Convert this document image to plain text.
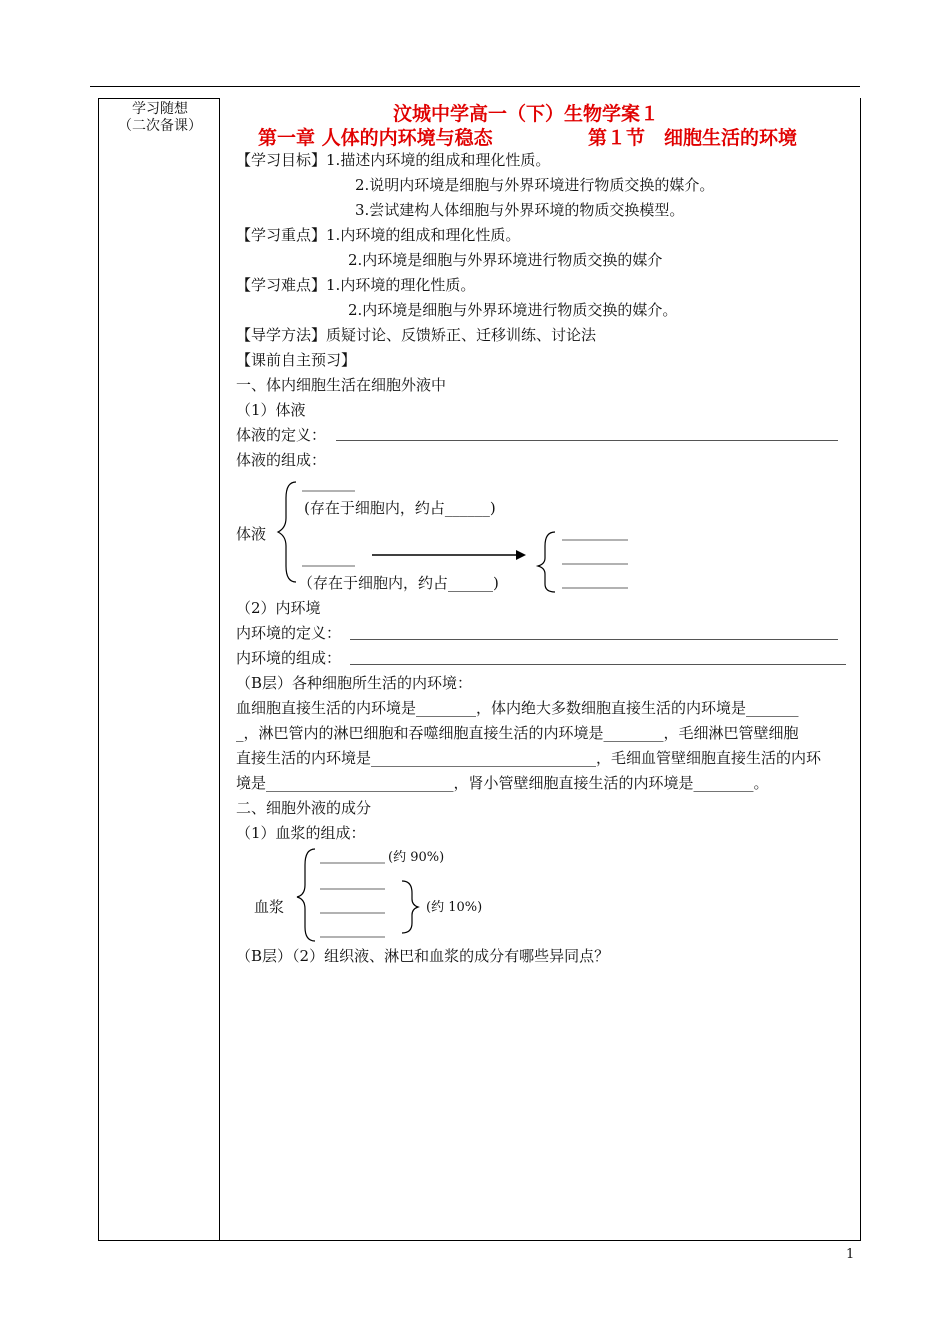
学习随想
（二次备课）
汶城中学高一（下）生物学案１
第一章 人体的内环境与稳态	第１节　细胞生活的环境
【学习目标】1.描述内环境的组成和理化性质。
2.说明内环境是细胞与外界环境进行物质交换的媒介。
3.尝试建构人体细胞与外界环境的物质交换模型。
【学习重点】1.内环境的组成和理化性质。
2.内环境是细胞与外界环境进行物质交换的媒介
【学习难点】1.内环境的理化性质。
2.内环境是细胞与外界环境进行物质交换的媒介。
【导学方法】质疑讨论、反馈矫正、迁移训练、讨论法
【课前自主预习】
一、体内细胞生活在细胞外液中
（1）体液
体液的定义：
体液的组成：
体液
(存在于细胞内，约占______)
（存在于细胞内，约占______)
（2）内环境
内环境的定义：
内环境的组成：
（B层）各种细胞所生活的内环境：
血细胞直接生活的内环境是________，体内绝大多数细胞直接生活的内环境是_______
_，淋巴管内的淋巴细胞和吞噬细胞直接生活的内环境是________，毛细淋巴管壁细胞
直接生活的内环境是______________________________，毛细血管壁细胞直接生活的内环
境是_________________________，肾小管壁细胞直接生活的内环境是________。
二、细胞外液的成分
（1）血浆的组成：
血浆
(约 90%)
(约 10%)
（B层）（2）组织液、淋巴和血浆的成分有哪些异同点？
1
